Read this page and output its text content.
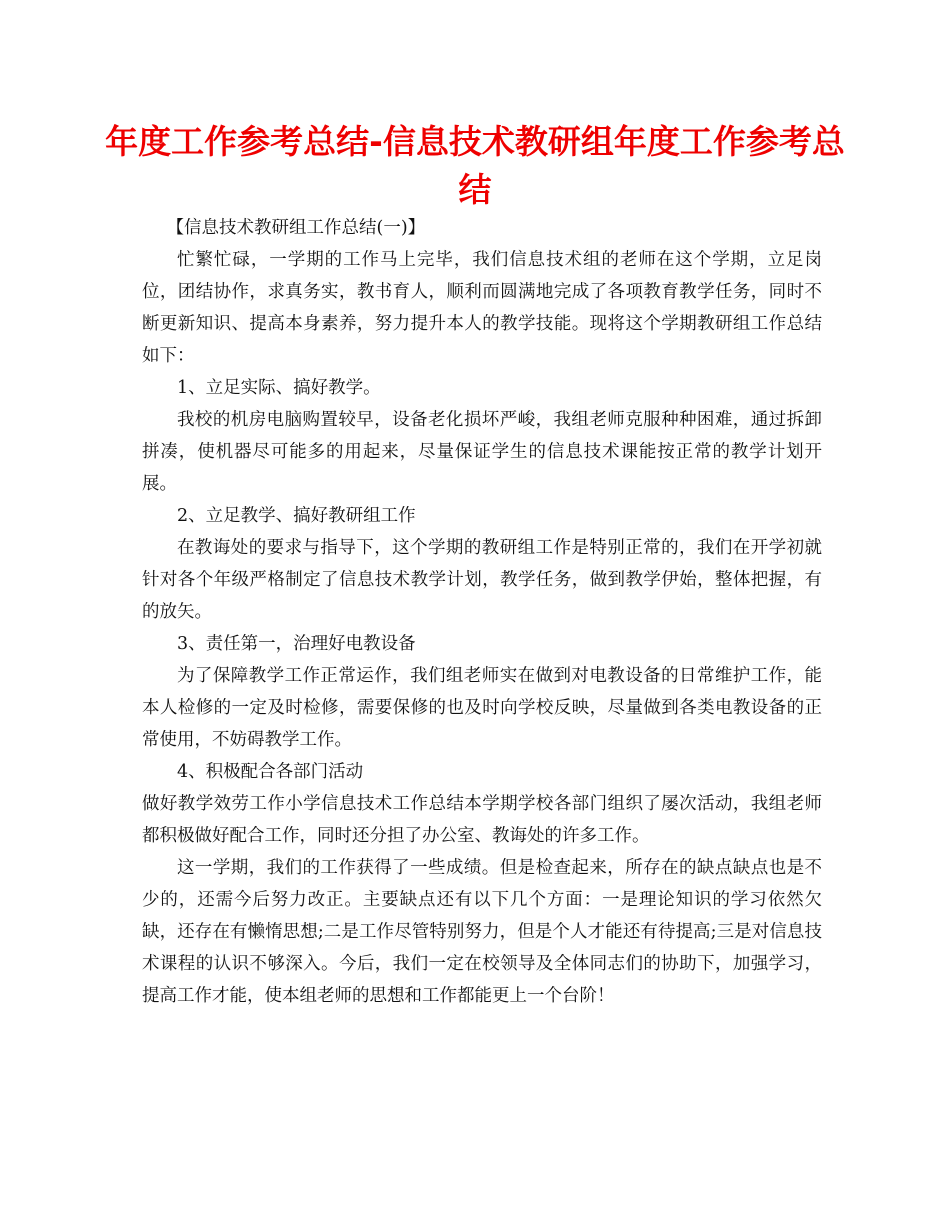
年度工作参考总结-信息技术教研组年度工作参考总结

【信息技术教研组工作总结(一)】

忙繁忙碌，一学期的工作马上完毕，我们信息技术组的老师在这个学期，立足岗位，团结协作，求真务实，教书育人，顺利而圆满地完成了各项教育教学任务，同时不断更新知识、提高本身素养，努力提升本人的教学技能。现将这个学期教研组工作总结如下：

1、立足实际、搞好教学。

我校的机房电脑购置较早，设备老化损坏严峻，我组老师克服种种困难，通过拆卸拼凑，使机器尽可能多的用起来，尽量保证学生的信息技术课能按正常的教学计划开展。

2、立足教学、搞好教研组工作

在教诲处的要求与指导下，这个学期的教研组工作是特别正常的，我们在开学初就针对各个年级严格制定了信息技术教学计划，教学任务，做到教学伊始，整体把握，有的放矢。

3、责任第一，治理好电教设备

为了保障教学工作正常运作，我们组老师实在做到对电教设备的日常维护工作，能本人检修的一定及时检修，需要保修的也及时向学校反映，尽量做到各类电教设备的正常使用，不妨碍教学工作。

4、积极配合各部门活动

做好教学效劳工作小学信息技术工作总结本学期学校各部门组织了屡次活动，我组老师都积极做好配合工作，同时还分担了办公室、教诲处的许多工作。

这一学期，我们的工作获得了一些成绩。但是检查起来，所存在的缺点缺点也是不少的，还需今后努力改正。主要缺点还有以下几个方面：一是理论知识的学习依然欠缺，还存在有懒惰思想;二是工作尽管特别努力，但是个人才能还有待提高;三是对信息技术课程的认识不够深入。今后，我们一定在校领导及全体同志们的协助下，加强学习，提高工作才能，使本组老师的思想和工作都能更上一个台阶！
